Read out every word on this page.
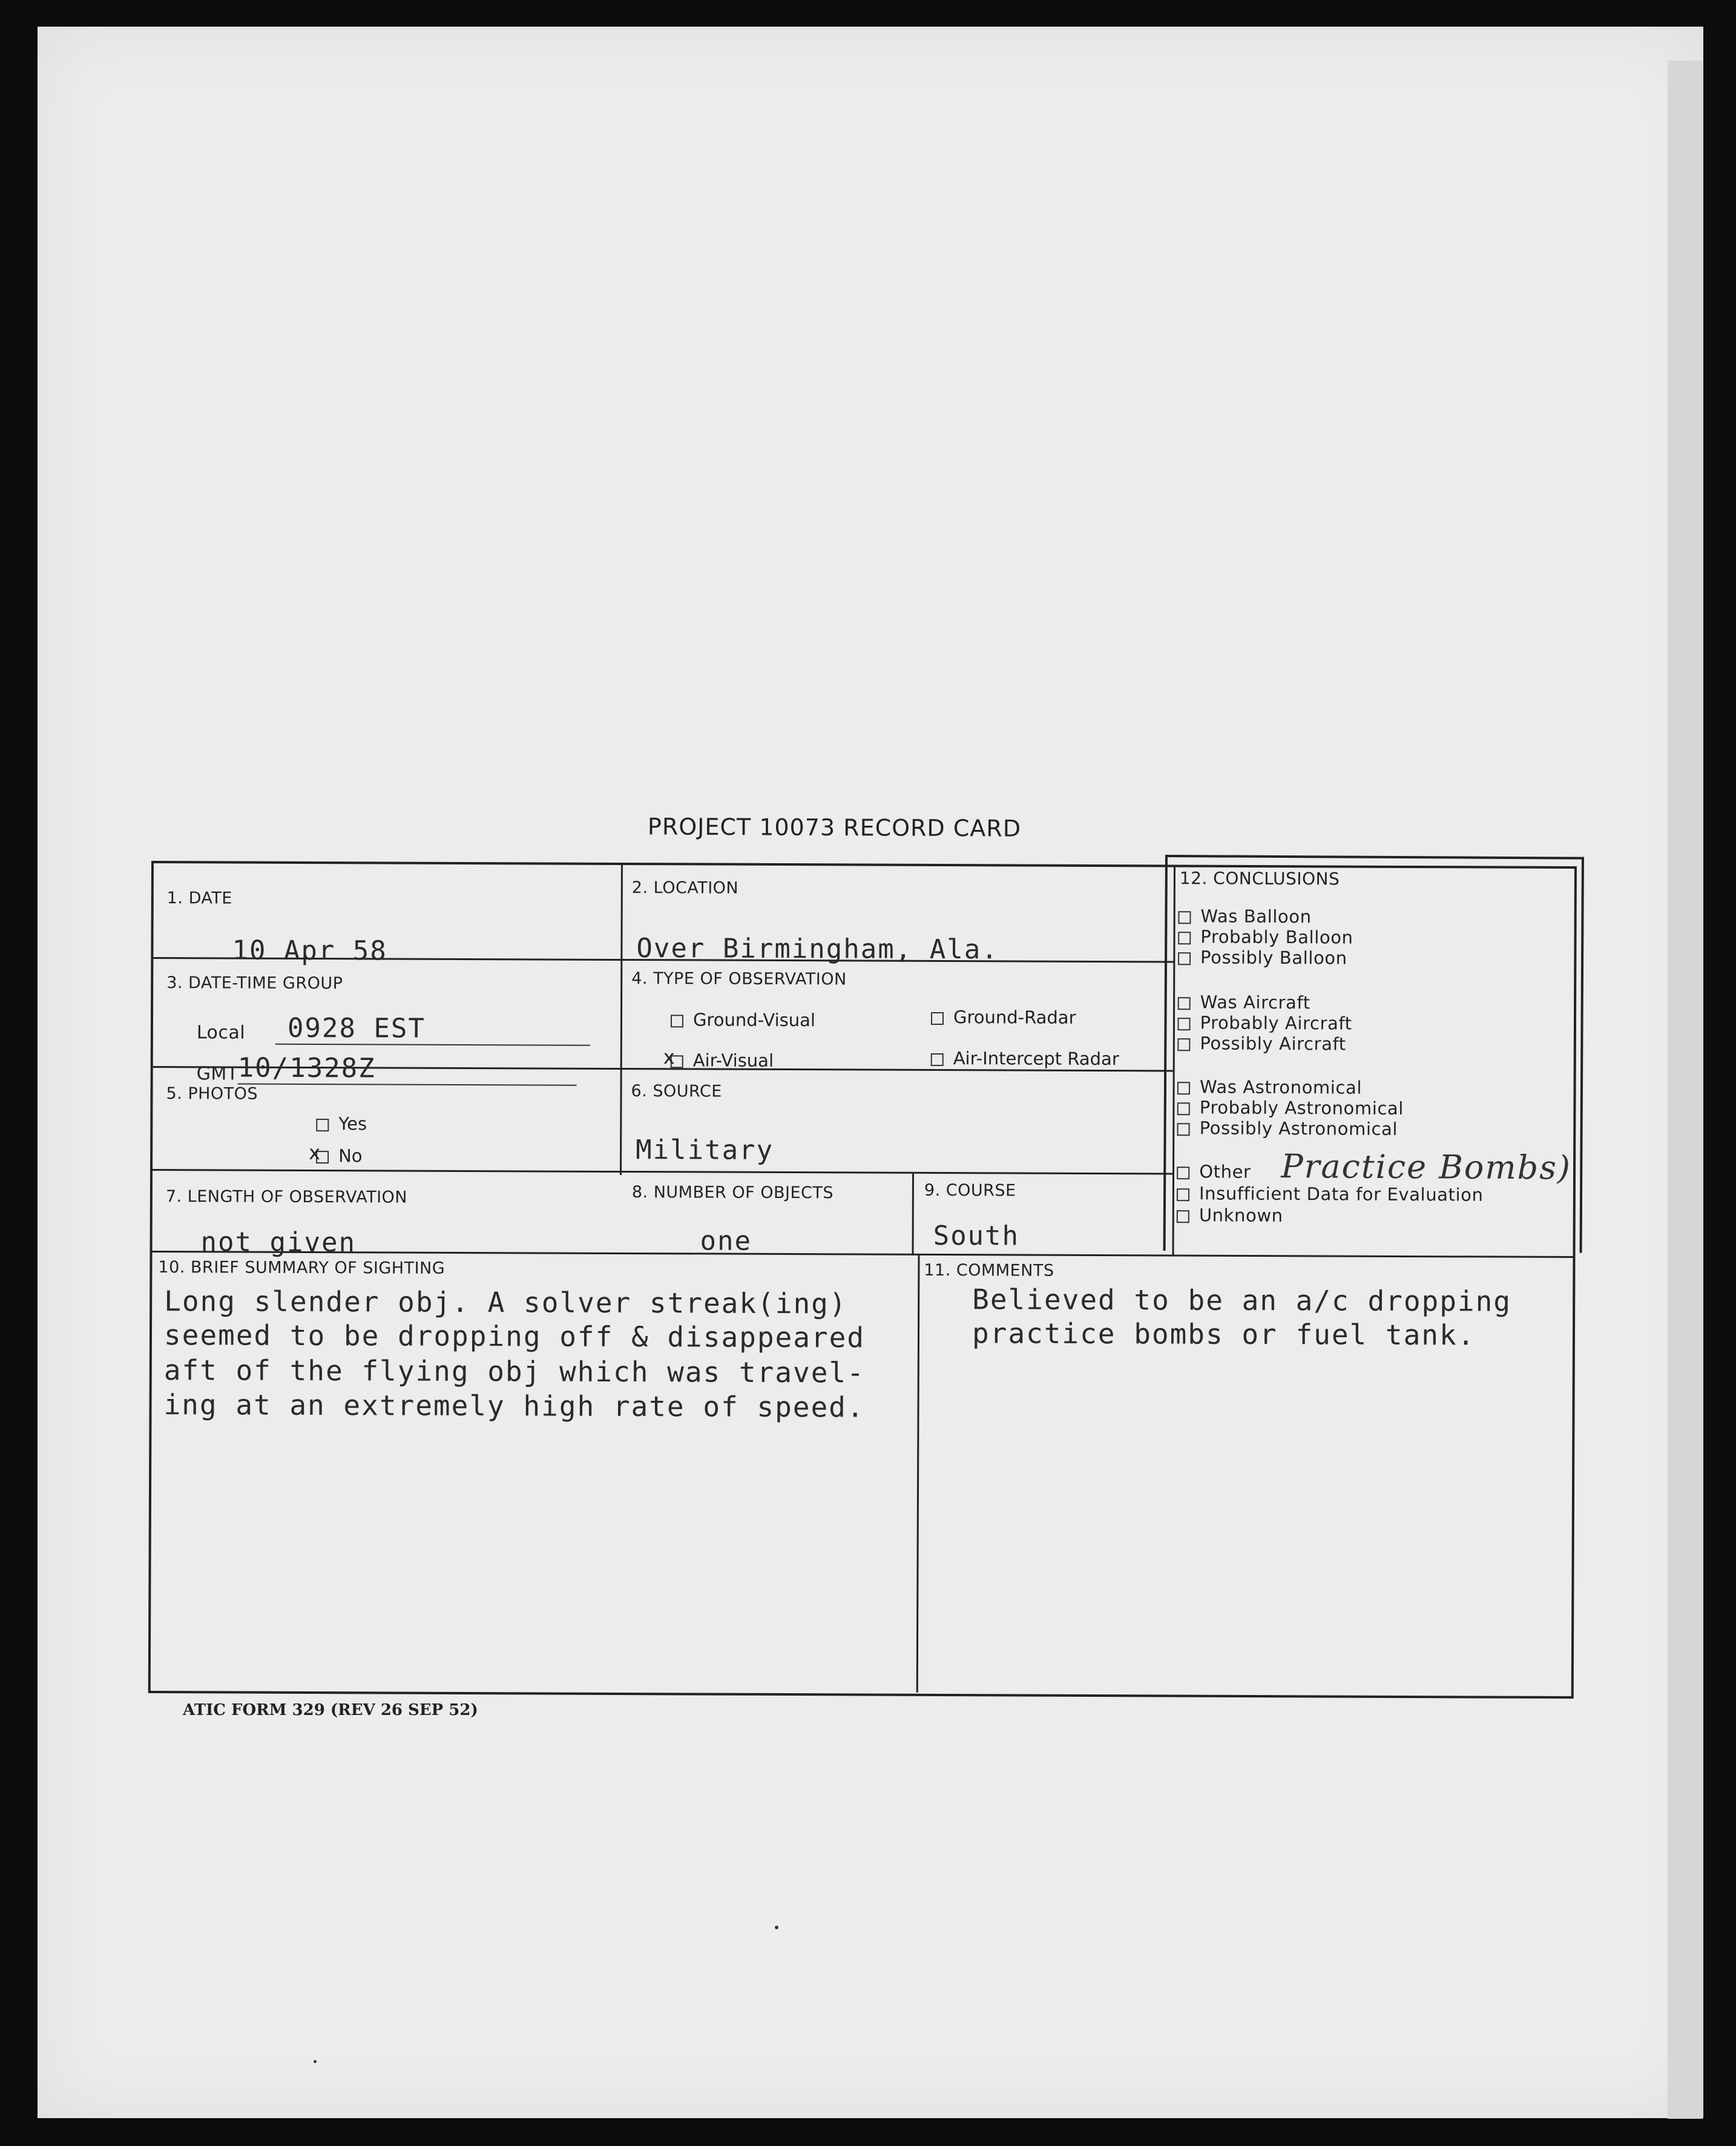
PROJECT 10073 RECORD CARD
1. DATE
10 Apr 58
2. LOCATION
Over Birmingham, Ala.
3. DATE-TIME GROUP
Local	0928 EST
GMT
10/1328Z
4. TYPE OF OBSERVATION
Ground-Visual	Ground-Radar
xAir-Visual	Air-Intercept Radar
5. PHOTOS
Yes
xNo
6. SOURCE
Military
7. LENGTH OF OBSERVATION
not given
8. NUMBER OF OBJECTS
one
9. COURSE
South
10. BRIEF SUMMARY OF SIGHTING
Long slender obj. A solver streak(ing)
seemed to be dropping off & disappeared
aft of the flying obj which was travel-
ing at an extremely high rate of speed.
11. COMMENTS
Believed to be an a/c dropping
practice bombs or fuel tank.
12. CONCLUSIONS
Was Balloon
Probably Balloon
Possibly Balloon
Was Aircraft
Probably Aircraft
Possibly Aircraft
Was Astronomical
Probably Astronomical
Possibly Astronomical
Other Practice Bombs)
Insufficient Data for Evaluation
Unknown
ATIC FORM 329 (REV 26 SEP 52)
